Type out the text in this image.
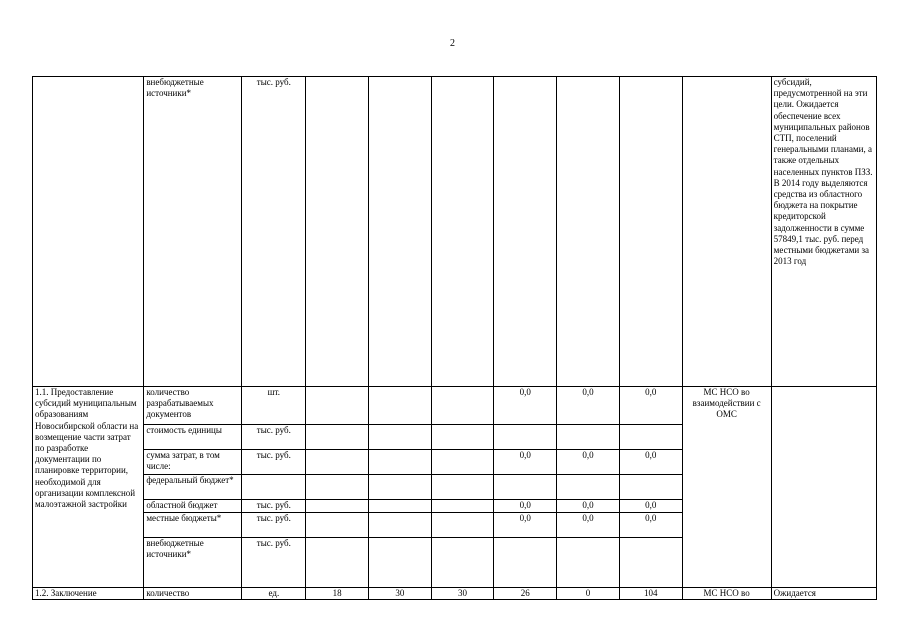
2
	внебюджетные источники*	тыс. руб.								субсидий, предусмотренной на эти цели. Ожидается обеспечение всех муниципальных районов СТП, поселений генеральными планами, а также отдельных населенных пунктов ПЗЗ. В 2014 году выделяются средства из областного бюджета на покрытие кредиторской задолженности в сумме 57849,1 тыс. руб. перед местными бюджетами за 2013 год
1.1. Предоставление субсидий муниципальным образованиям Новосибирской области на возмещение части затрат по разработке документации по планировке территории, необходимой для организации комплексной малоэтажной застройки	количество разрабатываемых документов	шт.				0,0	0,0	0,0	МС НСО во взаимодействии с ОМС	
	стоимость единицы	тыс. руб.								
	сумма затрат, в том числе:	тыс. руб.				0,0	0,0	0,0		
	федеральный бюджет*									
	областной бюджет	тыс. руб.				0,0	0,0	0,0		
	местные бюджеты*	тыс. руб.				0,0	0,0	0,0		
	внебюджетные источники*	тыс. руб.								
1.2. Заключение	количество	ед.	18	30	30	26	0	104	МС НСО во	Ожидается
